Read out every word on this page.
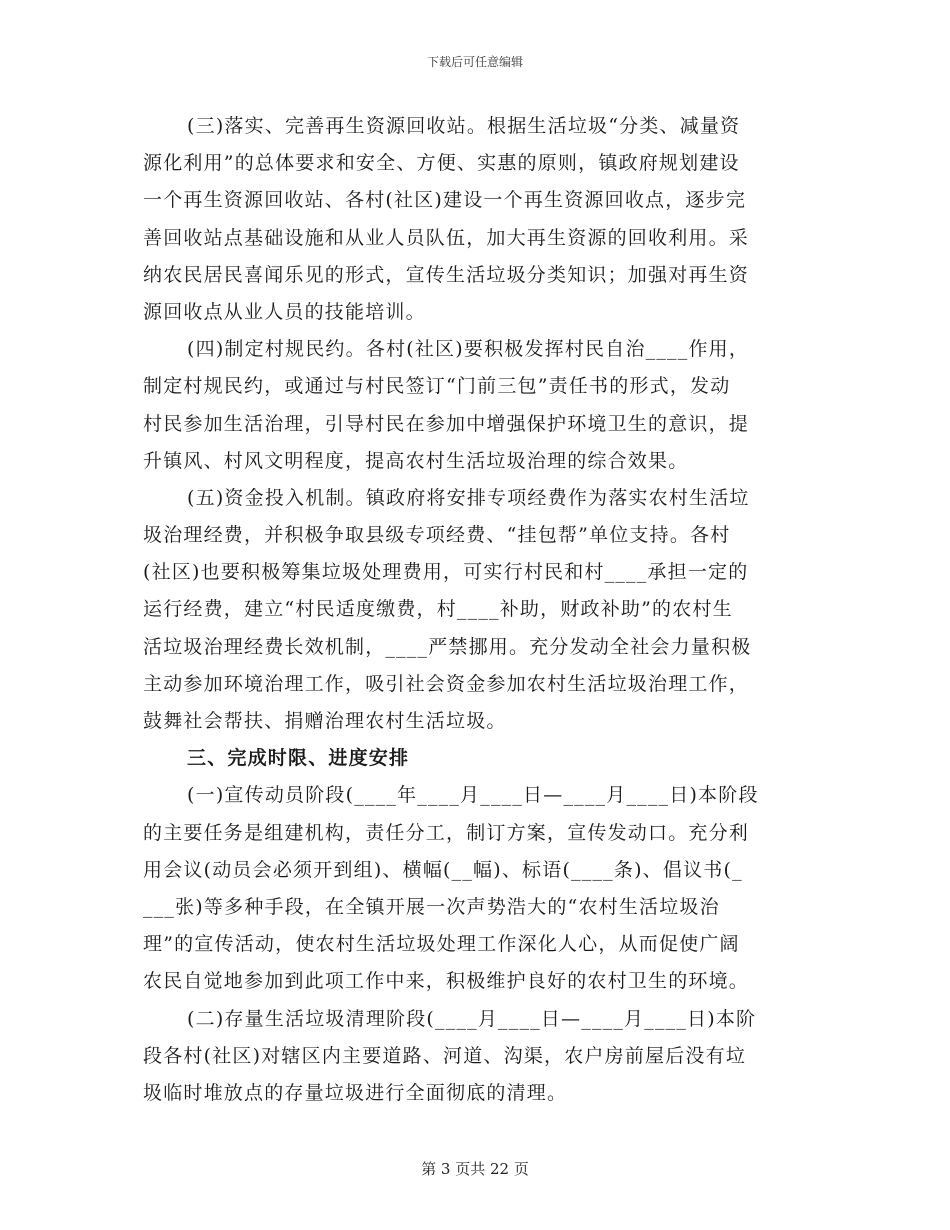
下载后可任意编辑
(三)落实、完善再生资源回收站。根据生活垃圾“分类、减量资
源化利用”的总体要求和安全、方便、实惠的原则，镇政府规划建设
一个再生资源回收站、各村(社区)建设一个再生资源回收点，逐步完
善回收站点基础设施和从业人员队伍，加大再生资源的回收利用。采
纳农民居民喜闻乐见的形式，宣传生活垃圾分类知识；加强对再生资
源回收点从业人员的技能培训。
(四)制定村规民约。各村(社区)要积极发挥村民自治____作用，
制定村规民约，或通过与村民签订“门前三包”责任书的形式，发动
村民参加生活治理，引导村民在参加中增强保护环境卫生的意识，提
升镇风、村风文明程度，提高农村生活垃圾治理的综合效果。
(五)资金投入机制。镇政府将安排专项经费作为落实农村生活垃
圾治理经费，并积极争取县级专项经费、“挂包帮”单位支持。各村
(社区)也要积极筹集垃圾处理费用，可实行村民和村____承担一定的
运行经费，建立“村民适度缴费，村____补助，财政补助”的农村生
活垃圾治理经费长效机制，____严禁挪用。充分发动全社会力量积极
主动参加环境治理工作，吸引社会资金参加农村生活垃圾治理工作，
鼓舞社会帮扶、捐赠治理农村生活垃圾。
三、完成时限、进度安排
(一)宣传动员阶段(____年____月____日—____月____日)本阶段
的主要任务是组建机构，责任分工，制订方案，宣传发动口。充分利
用会议(动员会必须开到组)、横幅(__幅)、标语(____条)、倡议书(_
___张)等多种手段，在全镇开展一次声势浩大的“农村生活垃圾治
理”的宣传活动，使农村生活垃圾处理工作深化人心，从而促使广阔
农民自觉地参加到此项工作中来，积极维护良好的农村卫生的环境。
(二)存量生活垃圾清理阶段(____月____日—____月____日)本阶
段各村(社区)对辖区内主要道路、河道、沟渠，农户房前屋后没有垃
圾临时堆放点的存量垃圾进行全面彻底的清理。
第 3 页共 22 页
